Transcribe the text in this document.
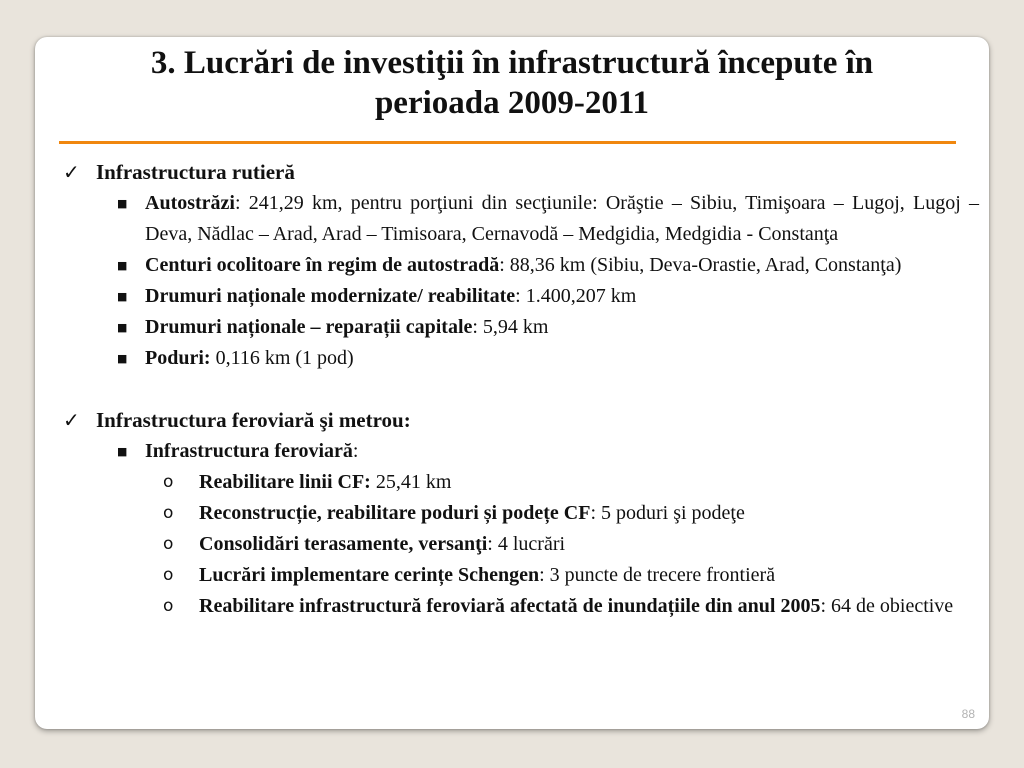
3. Lucrări de investiţii în infrastructură începute în
perioada 2009-2011
✓ Infrastructura rutieră
■ Autostrăzi: 241,29 km, pentru porţiuni din secţiunile: Orăştie – Sibiu, Timişoara – Lugoj, Lugoj – Deva, Nădlac – Arad, Arad – Timisoara, Cernavodă – Medgidia, Medgidia - Constanţa
■ Centuri ocolitoare în regim de autostradă: 88,36 km (Sibiu, Deva-Orastie, Arad, Constanţa)
■ Drumuri naționale modernizate/ reabilitate: 1.400,207 km
■ Drumuri naționale – reparații capitale: 5,94 km
■ Poduri: 0,116 km (1 pod)
✓ Infrastructura feroviară şi metrou:
■ Infrastructura feroviară:
o	Reabilitare linii CF: 25,41 km
o	Reconstrucție, reabilitare poduri și podețe CF: 5 poduri şi podeţe
o	Consolidări terasamente, versanţi: 4 lucrări
o	Lucrări implementare cerințe Schengen: 3 puncte de trecere frontieră
o	Reabilitare infrastructură feroviară afectată de inundațiile din anul 2005: 64 de obiective
88
